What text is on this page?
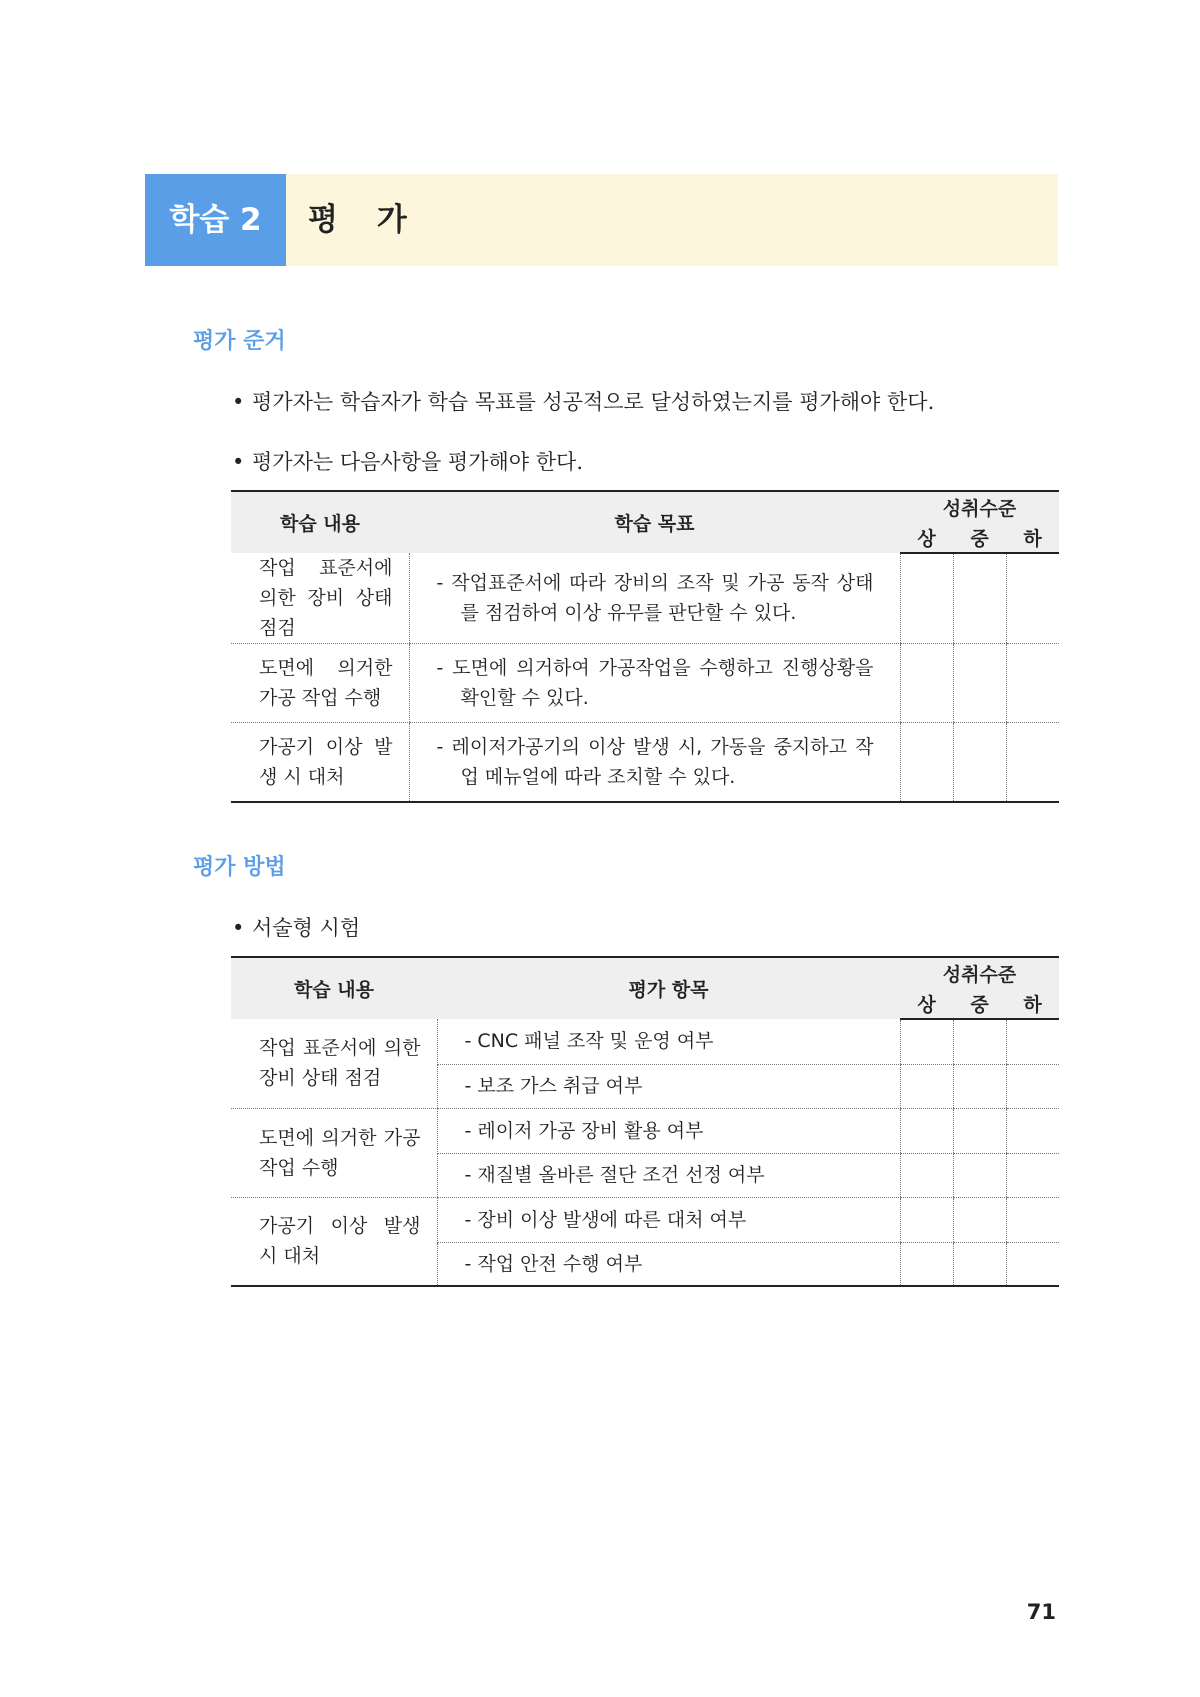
학습 2	평 가
평가 준거
• 평가자는 학습자가 학습 목표를 성공적으로 달성하였는지를 평가해야 한다.
• 평가자는 다음사항을 평가해야 한다.
학습 내용	학습 목표	성취수준		
		상	중	하
작업 표준서에 의한 장비 상태 점검	- 작업표준서에 따라 장비의 조작 및 가공 동작 상태를 점검하여 이상 유무를 판단할 수 있다.			

도면에 의거한 가공 작업 수행	- 도면에 의거하여 가공작업을 수행하고 진행상황을 확인할 수 있다.			

가공기 이상 발생 시 대처	- 레이저가공기의 이상 발생 시, 가동을 중지하고 작업 메뉴얼에 따라 조치할 수 있다.			

평가 방법
• 서술형 시험
학습 내용	평가 항목	성취수준		
		상	중	하
작업 표준서에 의한 장비 상태 점검	- CNC 패널 조작 및 운영 여부			
	- 보조 가스 취급 여부			
도면에 의거한 가공 작업 수행	- 레이저 가공 장비 활용 여부			
	- 재질별 올바른 절단 조건 선정 여부			
가공기 이상 발생 시 대처	- 장비 이상 발생에 따른 대처 여부			
	- 작업 안전 수행 여부			
71
